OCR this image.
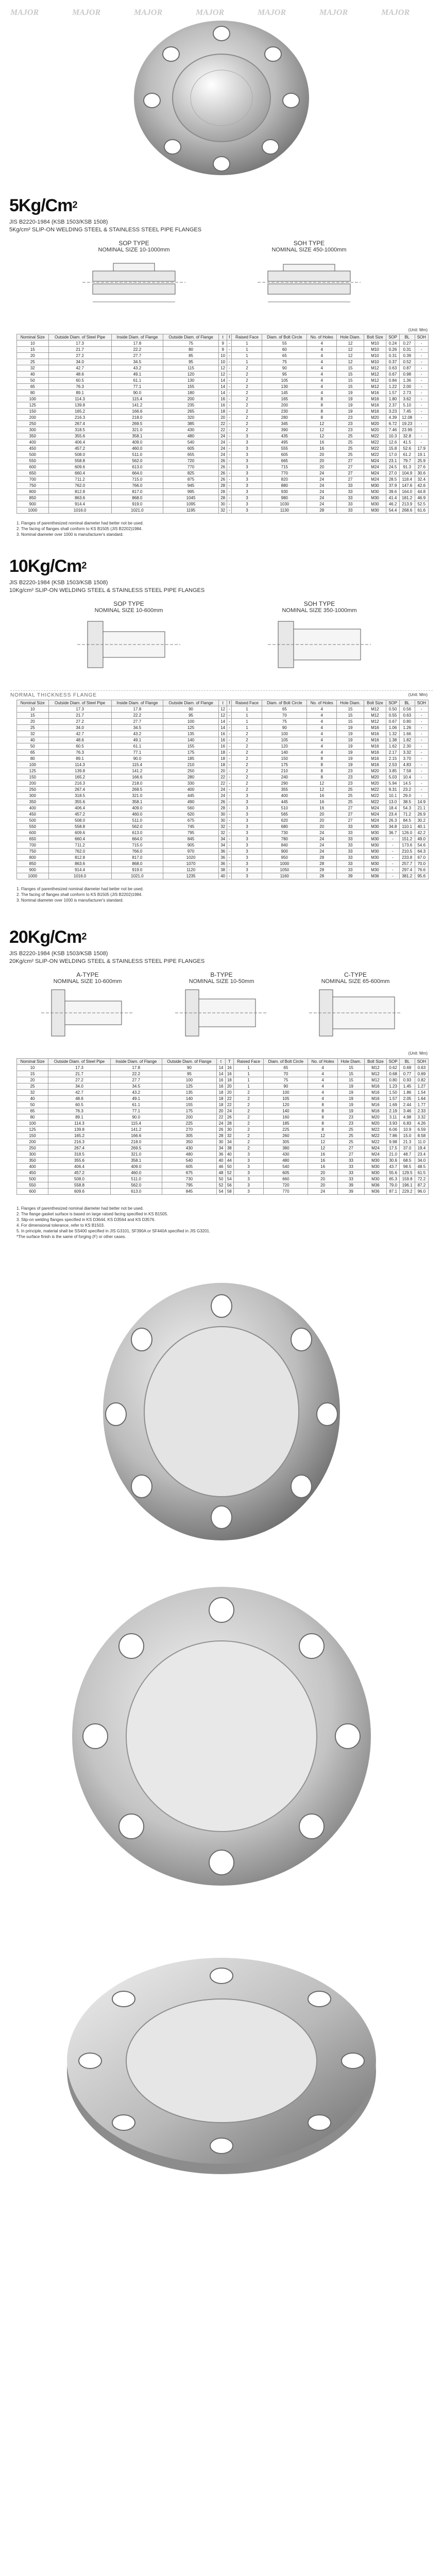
MAJOR	MAJOR	MAJOR	MAJOR	MAJOR	MAJOR	MAJOR
5Kg/Cm2
JIS B2220-1984 (KSB 1503/KSB 1508)
5Kg/cm² SLIP-ON WELDING STEEL & STAINLESS STEEL PIPE FLANGES
SOP TYPE
NOMINAL SIZE 10-1000mm
SOH TYPE
NOMINAL SIZE 450-1000mm
(Unit: Mm)
Nominal Size	Outside Diam. of Steel Pipe	Inside Diam. of Flange	Outside Diam. of Flange	t	f	Raised Face	Diam. of Bolt Circle	No. of Holes	Hole Diam.	Bolt Size	SOP	BL	SOH
10	17.3	17.8	75	9	-	1	55	4	12	M10	0.24	0.27	-
15	21.7	22.2	80	9	-	1	60	4	12	M10	0.26	0.31	-
20	27.2	27.7	85	10	-	1	65	4	12	M10	0.31	0.39	-
25	34.0	34.5	95	10	-	1	75	4	12	M10	0.37	0.52	-
32	42.7	43.2	115	12	-	2	90	4	15	M12	0.63	0.87	-
40	48.6	49.1	120	12	-	2	95	4	15	M12	0.67	0.98	-
50	60.5	61.1	130	14	-	2	105	4	15	M12	0.84	1.36	-
65	76.3	77.1	155	14	-	2	130	4	15	M12	1.22	2.00	-
80	89.1	90.0	180	14	-	2	145	4	19	M16	1.57	2.73	-
100	114.3	115.4	200	16	-	2	165	8	19	M16	1.80	3.62	-
125	139.8	141.2	235	16	-	2	200	8	19	M16	2.37	5.10	-
150	165.2	166.6	265	18	-	2	230	8	19	M16	3.23	7.45	-
200	216.3	218.0	320	20	-	2	280	8	23	M20	4.39	12.08	-
250	267.4	269.5	385	22	-	2	345	12	23	M20	6.72	19.23	-
300	318.5	321.0	430	22	-	2	390	12	23	M20	7.46	23.99	-
350	355.6	358.1	480	24	-	3	435	12	25	M22	10.3	32.8	-
400	406.4	409.0	540	24	-	3	495	16	25	M22	12.6	41.5	-
450	457.2	460.0	605	24	-	3	555	16	25	M22	15.8	52.6	17.9
500	508.0	511.0	655	24	-	3	605	20	25	M22	17.0	61.2	19.1
550	558.8	562.0	720	26	-	3	665	20	27	M24	23.1	79.7	25.9
600	609.6	613.0	770	26	-	3	715	20	27	M24	24.5	91.3	27.6
650	660.4	664.0	825	26	-	3	770	24	27	M24	27.0	104.9	30.6
700	711.2	715.0	875	26	-	3	820	24	27	M24	28.5	118.4	32.4
750	762.0	766.0	945	28	-	3	880	24	33	M30	37.9	147.6	42.6
800	812.8	817.0	995	28	-	3	930	24	33	M30	39.6	164.0	44.8
850	863.6	868.0	1045	28	-	3	980	24	33	M30	41.4	181.2	46.9
900	914.4	919.0	1095	30	-	3	1030	24	33	M30	46.2	213.9	52.5
1000	1016.0	1021.0	1195	32	-	3	1130	28	33	M30	54.4	268.6	61.6
1. Flanges of parenthesized nominal diameter had better not be used.
2. The facing of flanges shall conform to KS B1505 (JIS B2202)1984.
3. Nominal diameter over 1000 is manufacturer's standard.
10Kg/Cm2
JIS B2220-1984 (KSB 1503/KSB 1508)
10Kg/cm² SLIP-ON WELDING STEEL & STAINLESS STEEL PIPE FLANGES
SOP TYPE
NOMINAL SIZE 10-600mm
SOH TYPE
NOMINAL SIZE 350-1000mm
NORMAL THICKNESS FLANGE	(Unit: Mm)
Nominal Size	Outside Diam. of Steel Pipe	Inside Diam. of Flange	Outside Diam. of Flange	t	f	Raised Face	Diam. of Bolt Circle	No. of Holes	Hole Diam.	Bolt Size	SOP	BL	SOH
10	17.3	17.8	90	12	-	1	65	4	15	M12	0.50	0.56	-
15	21.7	22.2	95	12	-	1	70	4	15	M12	0.55	0.63	-
20	27.2	27.7	100	14	-	1	75	4	15	M12	0.67	0.80	-
25	34.0	34.5	125	14	-	1	90	4	19	M16	1.06	1.26	-
32	42.7	43.2	135	16	-	2	100	4	19	M16	1.32	1.66	-
40	48.6	49.1	140	16	-	2	105	4	19	M16	1.38	1.82	-
50	60.5	61.1	155	16	-	2	120	4	19	M16	1.62	2.30	-
65	76.3	77.1	175	18	-	2	140	4	19	M16	2.17	3.32	-
80	89.1	90.0	185	18	-	2	150	8	19	M16	2.15	3.70	-
100	114.3	115.4	210	18	-	2	175	8	19	M16	2.53	4.83	-
125	139.8	141.2	250	20	-	2	210	8	23	M20	3.85	7.58	-
150	165.2	166.6	280	22	-	2	240	8	23	M20	5.03	10.4	-
200	216.3	218.0	330	22	-	2	290	12	23	M20	5.94	14.5	-
250	267.4	269.5	400	24	-	2	355	12	25	M22	9.31	23.2	-
300	318.5	321.0	445	24	-	3	400	16	25	M22	10.1	29.0	-
350	355.6	358.1	490	26	-	3	445	16	25	M22	13.0	38.5	14.9
400	406.4	409.0	560	28	-	3	510	16	27	M24	18.4	54.3	21.1
450	457.2	460.0	620	30	-	3	565	20	27	M24	23.4	71.2	26.9
500	508.0	511.0	675	30	-	3	620	20	27	M24	26.3	84.5	30.2
550	558.8	562.0	745	32	-	3	680	20	33	M30	34.8	110.1	40.1
600	609.6	613.0	795	32	-	3	730	24	33	M30	36.7	126.0	42.2
650	660.4	664.0	845	34	-	3	780	24	33	M30	-	151.2	49.0
700	711.2	715.0	905	34	-	3	840	24	33	M30	-	173.6	54.6
750	762.0	766.0	970	36	-	3	900	24	33	M30	-	210.5	64.3
800	812.8	817.0	1020	36	-	3	950	28	33	M30	-	233.8	67.0
850	863.6	868.0	1070	36	-	3	1000	28	33	M30	-	257.7	70.0
900	914.4	919.0	1120	38	-	3	1050	28	33	M30	-	297.4	76.6
1000	1016.0	1021.0	1235	40	-	3	1160	28	39	M36	-	381.2	95.6
1. Flanges of parenthesized nominal diameter had better not be used.
2. The facing of flanges shall conform to KS B1505 (JIS B2202)1984.
3. Nominal diameter over 1000 is manufacturer's standard.
20Kg/Cm2
JIS B2220-1984 (KSB 1503/KSB 1508)
20Kg/cm² SLIP-ON WELDING STEEL & STAINLESS STEEL PIPE FLANGES
A-TYPE
NOMINAL SIZE 10-600mm
B-TYPE
NOMINAL SIZE 10-50mm
C-TYPE
NOMINAL SIZE 65-600mm
(Unit: Mm)
Nominal Size	Outside Diam. of Steel Pipe	Inside Diam. of Flange	Outside Diam. of Flange	t	T	Raised Face	Diam. of Bolt Circle	No. of Holes	Hole Diam.	Bolt Size	SOP	BL	SOH
10	17.3	17.8	90	14	16	1	65	4	15	M12	0.62	0.69	0.63
15	21.7	22.2	95	14	16	1	70	4	15	M12	0.68	0.77	0.69
20	27.2	27.7	100	16	18	1	75	4	15	M12	0.80	0.93	0.82
25	34.0	34.5	125	16	20	1	90	4	19	M16	1.23	1.45	1.27
32	42.7	43.2	135	18	20	2	100	4	19	M16	1.50	1.86	1.54
40	48.6	49.1	140	18	22	2	105	4	19	M16	1.57	2.05	1.64
50	60.5	61.1	155	18	22	2	120	8	19	M16	1.69	2.44	1.77
65	76.3	77.1	175	20	24	2	140	8	19	M16	2.19	3.46	2.33
80	89.1	90.0	200	22	26	2	160	8	23	M20	3.11	4.98	3.32
100	114.3	115.4	225	24	28	2	185	8	23	M20	3.93	6.83	4.26
125	139.8	141.2	270	26	30	2	225	8	25	M22	6.06	10.9	6.59
150	165.2	166.6	305	28	32	2	260	12	25	M22	7.86	15.0	8.58
200	216.3	218.0	350	30	34	2	305	12	25	M22	9.98	21.3	11.0
250	267.4	269.5	430	34	38	2	380	12	27	M24	17.5	37.0	19.4
300	318.5	321.0	480	36	40	3	430	16	27	M24	21.0	48.7	23.4
350	355.6	358.1	540	40	44	3	480	16	33	M30	30.6	68.5	34.0
400	406.4	409.0	605	46	50	3	540	16	33	M30	43.7	98.5	48.5
450	457.2	460.0	675	48	52	3	605	20	33	M30	55.6	129.5	61.5
500	508.0	511.0	730	50	54	3	660	20	33	M30	65.3	159.8	72.2
550	558.8	562.0	795	52	56	3	720	20	39	M36	79.0	196.1	87.2
600	609.6	613.0	845	54	58	3	770	24	39	M36	87.1	229.2	96.0
1. Flanges of parenthesized nominal diameter had better not be used.
2. The flange gasket surface is based on large raised facing specified in KS B1505.
3. Slip-on welding flanges specified in KS D3644, KS D3564 and KS D3576.
4. For dimensional tolerance, refer to KS B1503.
5. In principle, material shall be SS400 specified in JIS G3101, SF390A or SF440A specified in JIS G3201.
*The surface finish is the same of forging (F) or other cases.
